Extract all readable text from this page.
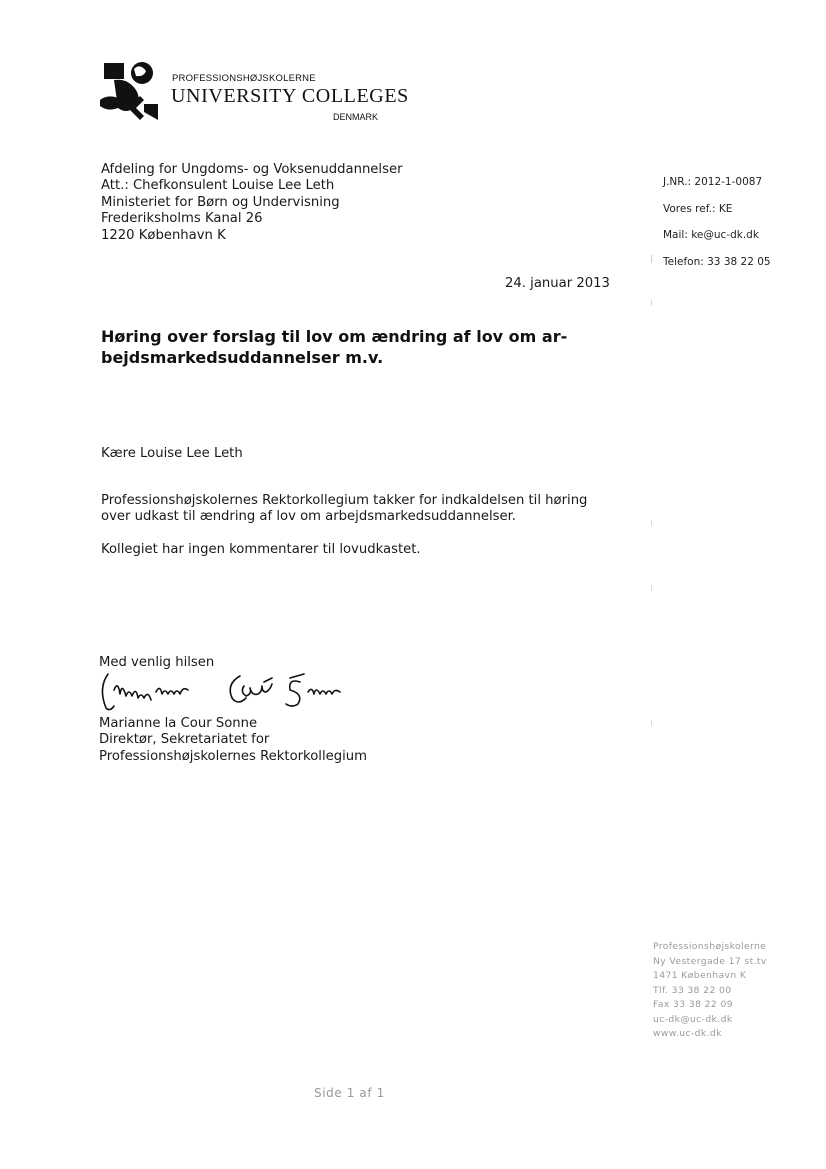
PROFESSIONSHØJSKOLERNE
UNIVERSITY COLLEGES
DENMARK
Afdeling for Ungdoms- og Voksenuddannelser
Att.: Chefkonsulent Louise Lee Leth
Ministeriet for Børn og Undervisning
Frederiksholms Kanal 26
1220 København K
J.NR.: 2012-1-0087
Vores ref.: KE
Mail: ke@uc-dk.dk
Telefon: 33 38 22 05
24. januar 2013
Høring over forslag til lov om ændring af lov om ar-
bejdsmarkedsuddannelser m.v.
Kære Louise Lee Leth
Professionshøjskolernes Rektorkollegium takker for indkaldelsen til høring
over udkast til ændring af lov om arbejdsmarkedsuddannelser.
Kollegiet har ingen kommentarer til lovudkastet.
Med venlig hilsen
Marianne la Cour Sonne
Direktør, Sekretariatet for
Professionshøjskolernes Rektorkollegium
Professionshøjskolerne
Ny Vestergade 17 st.tv
1471 København K
Tlf. 33 38 22 00
Fax 33 38 22 09
uc-dk@uc-dk.dk
www.uc-dk.dk
Side 1 af 1
